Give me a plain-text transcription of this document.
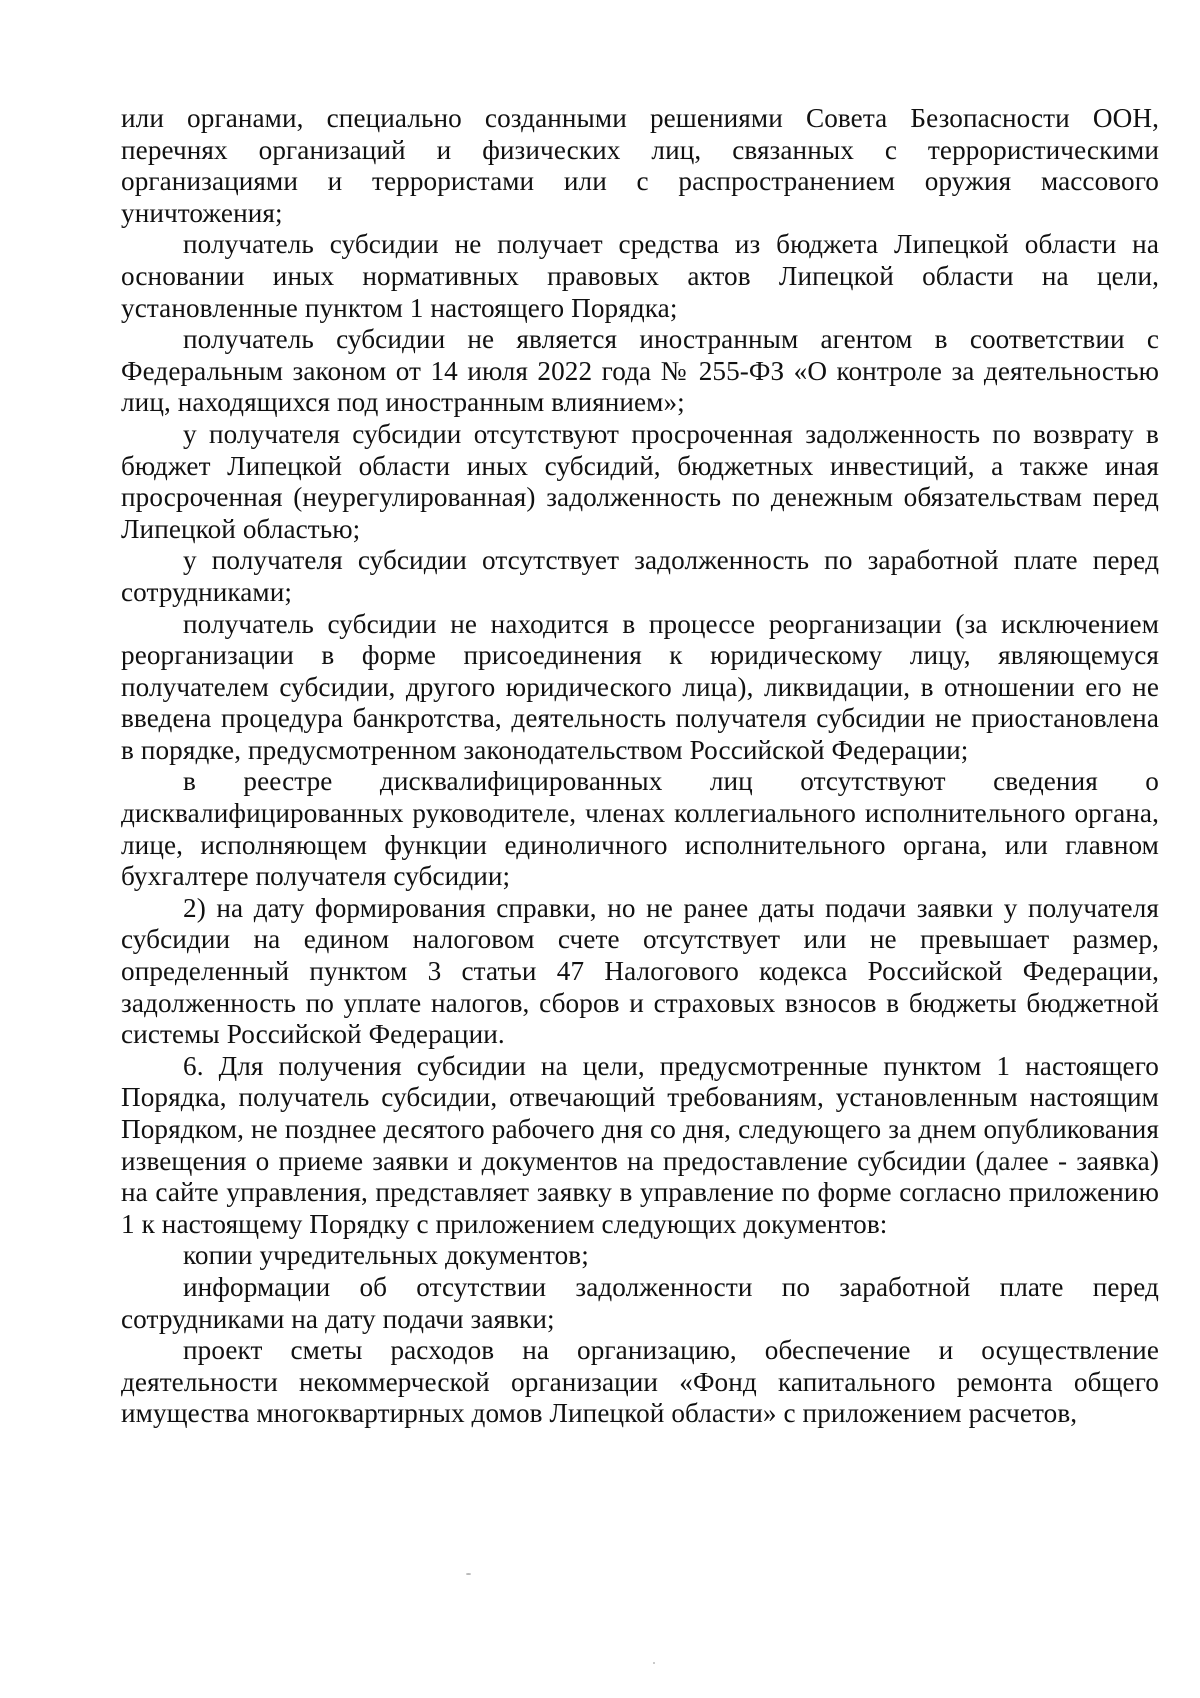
или органами, специально созданными решениями Совета Безопасности ООН, перечнях организаций и физических лиц, связанных с террористическими организациями и террористами или с распространением оружия массового уничтожения;

получатель субсидии не получает средства из бюджета Липецкой области на основании иных нормативных правовых актов Липецкой области на цели, установленные пунктом 1 настоящего Порядка;

получатель субсидии не является иностранным агентом в соответствии с Федеральным законом от 14 июля 2022 года № 255-ФЗ «О контроле за деятельностью лиц, находящихся под иностранным влиянием»;

у получателя субсидии отсутствуют просроченная задолженность по возврату в бюджет Липецкой области иных субсидий, бюджетных инвестиций, а также иная просроченная (неурегулированная) задолженность по денежным обязательствам перед Липецкой областью;

у получателя субсидии отсутствует задолженность по заработной плате перед сотрудниками;

получатель субсидии не находится в процессе реорганизации (за исключением реорганизации в форме присоединения к юридическому лицу, являющемуся получателем субсидии, другого юридического лица), ликвидации, в отношении его не введена процедура банкротства, деятельность получателя субсидии не приостановлена в порядке, предусмотренном законодательством Российской Федерации;

в реестре дисквалифицированных лиц отсутствуют сведения о дисквалифицированных руководителе, членах коллегиального исполнительного органа, лице, исполняющем функции единоличного исполнительного органа, или главном бухгалтере получателя субсидии;

2) на дату формирования справки, но не ранее даты подачи заявки у получателя субсидии на едином налоговом счете отсутствует или не превышает размер, определенный пунктом 3 статьи 47 Налогового кодекса Российской Федерации, задолженность по уплате налогов, сборов и страховых взносов в бюджеты бюджетной системы Российской Федерации.

6. Для получения субсидии на цели, предусмотренные пунктом 1 настоящего Порядка, получатель субсидии, отвечающий требованиям, установленным настоящим Порядком, не позднее десятого рабочего дня со дня, следующего за днем опубликования извещения о приеме заявки и документов на предоставление субсидии (далее - заявка) на сайте управления, представляет заявку в управление по форме согласно приложению 1 к настоящему Порядку с приложением следующих документов:

копии учредительных документов;

информации об отсутствии задолженности по заработной плате перед сотрудниками на дату подачи заявки;

проект сметы расходов на организацию, обеспечение и осуществление деятельности некоммерческой организации «Фонд капитального ремонта общего имущества многоквартирных домов Липецкой области» с приложением расчетов,
